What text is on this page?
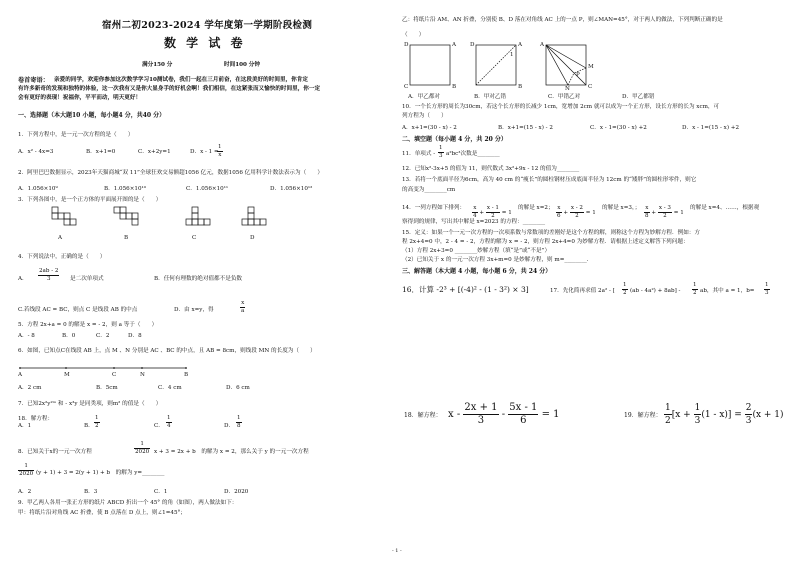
宿州二初2023-2024 学年度第一学期阶段检测
数 学 试 卷
满分150 分	时间100 分钟
卷首寄语： 亲爱的同学，欢迎你参加这次数学学习10测试卷，我们一起在三月前奋，在这段美好的时间里，你肯定
有许多新奇的发现和独特的体验，这一次我有又是你大显身手的好机会啊！我们相信，在这紧张而又愉快的时间里，你一定
会有更好的表现！祝福你，平平而动，明天更好！
一、选择题（本大题10 小题，每小题4 分，共40 分）
1．下列方程中，是一元一次方程的是（　　）
A．x² - 4x=3	B．x+1=0	C．x+2y=1	D．x - 1 =
$\frac{1}{x}$
2．阿里巴巴数据显示，2023年天猫商城“双 11”全球狂欢交易额超1056 亿元，数据1056 亿用科学计数法表示为（　　）
A．1.056×10⁹	B．1.056×10¹⁰	C．1.056×10¹¹	D．1.056×10¹²
3．下列各图中，是一个正方体的平面展开图的是（　　）
A	B	C	D
4．下列说法中，正确的是（　　）
A． $\frac{2ab - 2}{3}$ 是二次单项式	B．任何有理数的绝对值都不是负数
C.若线段 AC = BC，则点 C 是线段 AB 的中点	D．由 x=y，得	$\frac{x}{a}$
5．方程 2x+a = 0 的解是 x = - 2，则 a 等于（　　）
A．- 8	B．0	C．2	D．8
6．如图，已知点C在线段 AB 上，点 M 、N 分别是 AC 、BC 的中点，且 AB = 8cm，则线段 MN 的长度为（　　）
A	M	C	N	B
A．2 cm	B．5cm	C．4 cm	D．6 cm
7．已知2x²y²ᵐ 和 - x³y 是同类项，则m² 的值是（　　）
A．1	B． $\frac{1}{2}$	C． $\frac{1}{4}$	D． $\frac{1}{8}$
8．已知关于x的一元一次方程	$\frac{1}{2020}$ x + 3 = 2x + b　的解为 x = 2，那么关于 y 的一元一次方程
$\frac{1}{2020} (y + 1) + 3 = 2(y + 1) + b$　的解为 y=________
A．2	B．3	C．1	D．2020
9．甲乙两人各用一张正方形的纸片 ABCD 折出一个 45° 的角（如图），两人做法如下：
甲：将纸片沿对角线 AC 折叠，使 B 点落在 D 点上，则∠1=45°；
乙：将纸片沿 AM、AN 折叠，分别使 B、D 落在对角线 AC 上的一点 P，则∠MAN=45°，对于两人的做法，下列判断正确的是
（　　）
D	A
C	B
D	A
1
B
A
M
N
P
C
A．甲乙都对	B．甲对乙错	C．甲错乙对	D．甲乙都错
10．一个长方形的周长为30cm，若这个长方形的长减少 1cm，宽增加 2cm 就可以成为一个正方形，设长方形的长为 xcm，可
列方程为（　　）
A．x+1=(30 - x) - 2	B．x+1=(15 - x) - 2	C．x - 1=(30 - x) +2	D．x - 1=(15 - x) +2
二、填空题（每小题 4 分，共 20 分）
11．单项式 - $\frac{1}{3} a^2bc^3$次数是________
12．已知x²-3x+5 的值为 11，则代数式 3x²+9x - 12 的值为________
13．若将一个底面半径为6cm，高为 40 cm 的“瘦长”的圆柱钢材压成底面半径为 12cm 的“矮胖”的圆柱形零件，则它
的高变为________cm
14．一列方程如下排列： $\frac{x}{4} + \frac{x - 1}{2} = 1$
的解是 x=2； $\frac{x}{6} + \frac{x - 2}{2} = 1$
的解是 x=3，； $\frac{x}{8} + \frac{x - 3}{2} = 1$
的解是 x=4、……，根据观
察得到的规律，写出其中解是 x=2023 的方程：________
15．定义：如果一个一元一次方程的一次项系数与常数项的差刚好是这个方程的解，则称这个方程为妙解方程．例如：方
程 2x+4=0 中，2 - 4 = - 2，方程的解为 x = - 2，则方程 2x+4=0 为妙解方程．请根据上述定义解答下列问题：
（1）方程 2x+3=0 ________妙解方程（填“是”或“不是”）
（2）已知关于 x 的一元一次方程 3x+m=0 是妙解方程，则 m=________.
三、解答题（本大题 4 小题，每小题 6 分，共 24 分）
16．计算 -2³ + [(-4)² - (1 - 3²) × 3]	17．先化简再求值 2a² - [ $\frac{1}{2} (ab - 4a^2) + 8ab] - \frac{1}{2}$ ab，其中 a = 1，$b= \frac{1}{3}$
18．解方程：	18．解方程： $x - \frac{2x + 1}{3} - \frac{5x - 1}{6} = 1$	19．解方程： $\frac{1}{2} [x + \frac{1}{3} (1 - x)] = \frac{2}{3} (x + 1)$
- 1 -
